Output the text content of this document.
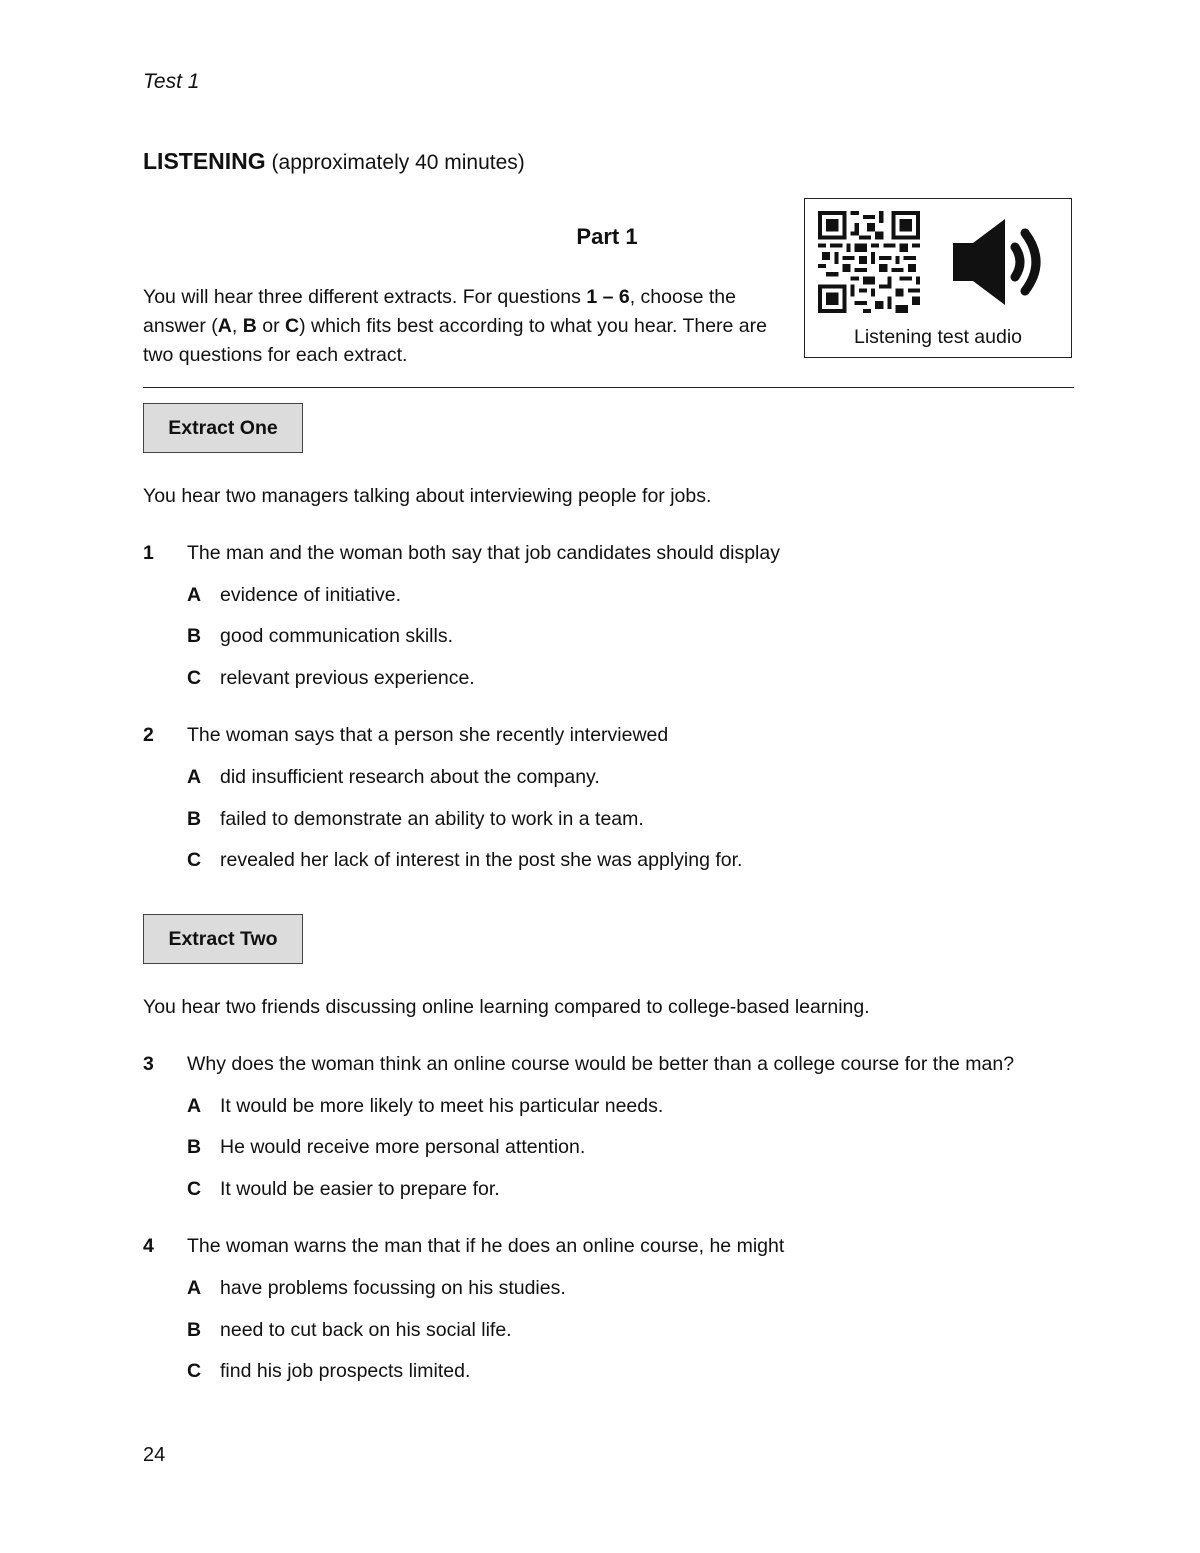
Test 1
LISTENING (approximately 40 minutes)
Part 1
You will hear three different extracts. For questions 1 – 6, choose the answer (A, B or C) which fits best according to what you hear. There are two questions for each extract.
Listening test audio
Extract One
You hear two managers talking about interviewing people for jobs.
1 The man and the woman both say that job candidates should display
A evidence of initiative.
B good communication skills.
C relevant previous experience.
2 The woman says that a person she recently interviewed
A did insufficient research about the company.
B failed to demonstrate an ability to work in a team.
C revealed her lack of interest in the post she was applying for.
Extract Two
You hear two friends discussing online learning compared to college-based learning.
3 Why does the woman think an online course would be better than a college course for the man?
A It would be more likely to meet his particular needs.
B He would receive more personal attention.
C It would be easier to prepare for.
4 The woman warns the man that if he does an online course, he might
A have problems focussing on his studies.
B need to cut back on his social life.
C find his job prospects limited.
24
